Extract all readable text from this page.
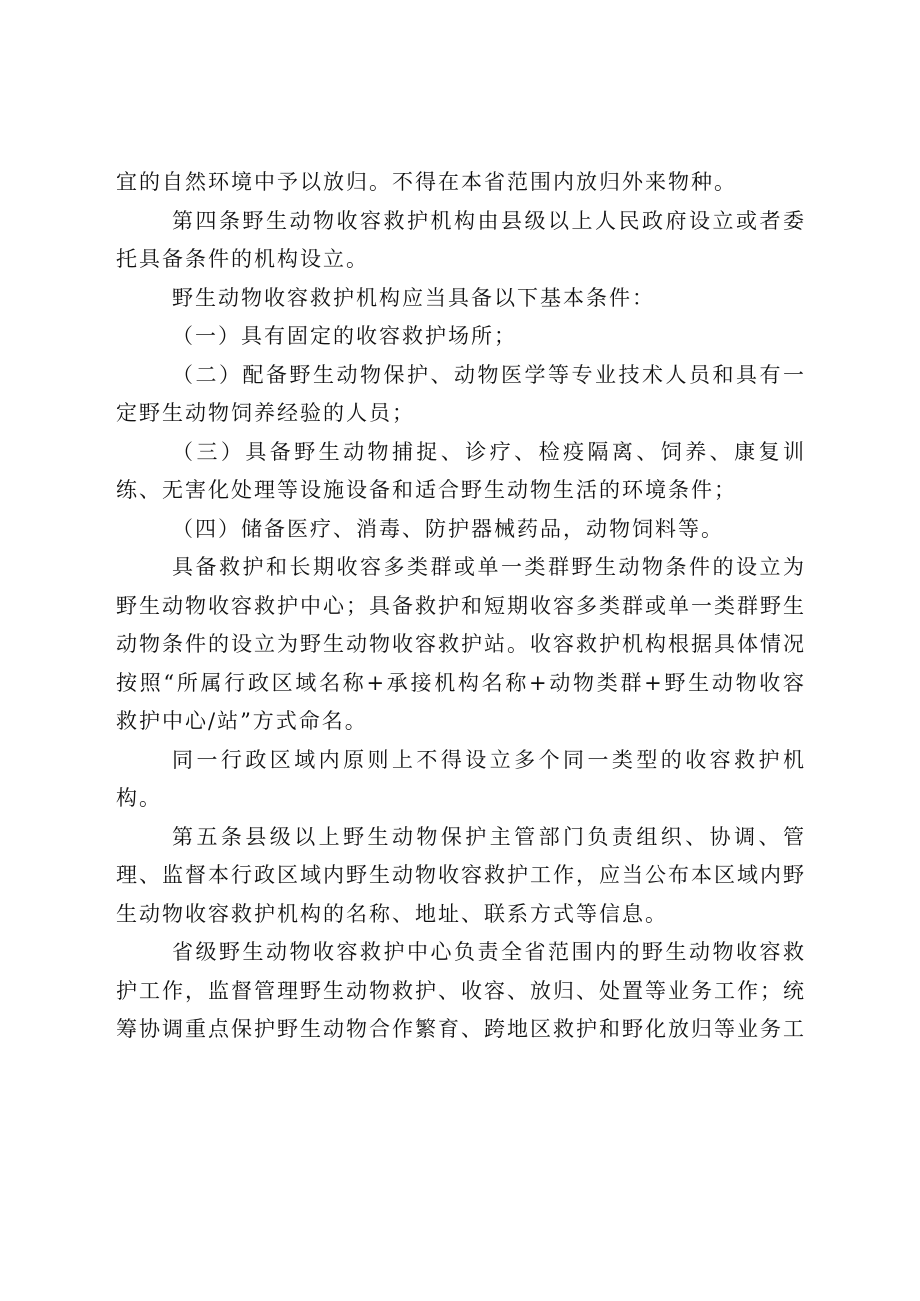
宜的自然环境中予以放归。不得在本省范围内放归外来物种。

第四条野生动物收容救护机构由县级以上人民政府设立或者委托具备条件的机构设立。

野生动物收容救护机构应当具备以下基本条件：

（一）具有固定的收容救护场所；

（二）配备野生动物保护、动物医学等专业技术人员和具有一定野生动物饲养经验的人员；

（三）具备野生动物捕捉、诊疗、检疫隔离、饲养、康复训练、无害化处理等设施设备和适合野生动物生活的环境条件；

（四）储备医疗、消毒、防护器械药品，动物饲料等。

具备救护和长期收容多类群或单一类群野生动物条件的设立为野生动物收容救护中心；具备救护和短期收容多类群或单一类群野生动物条件的设立为野生动物收容救护站。收容救护机构根据具体情况按照“所属行政区域名称+承接机构名称+动物类群+野生动物收容救护中心/站”方式命名。

同一行政区域内原则上不得设立多个同一类型的收容救护机构。

第五条县级以上野生动物保护主管部门负责组织、协调、管理、监督本行政区域内野生动物收容救护工作，应当公布本区域内野生动物收容救护机构的名称、地址、联系方式等信息。

省级野生动物收容救护中心负责全省范围内的野生动物收容救护工作，监督管理野生动物救护、收容、放归、处置等业务工作；统筹协调重点保护野生动物合作繁育、跨地区救护和野化放归等业务工
